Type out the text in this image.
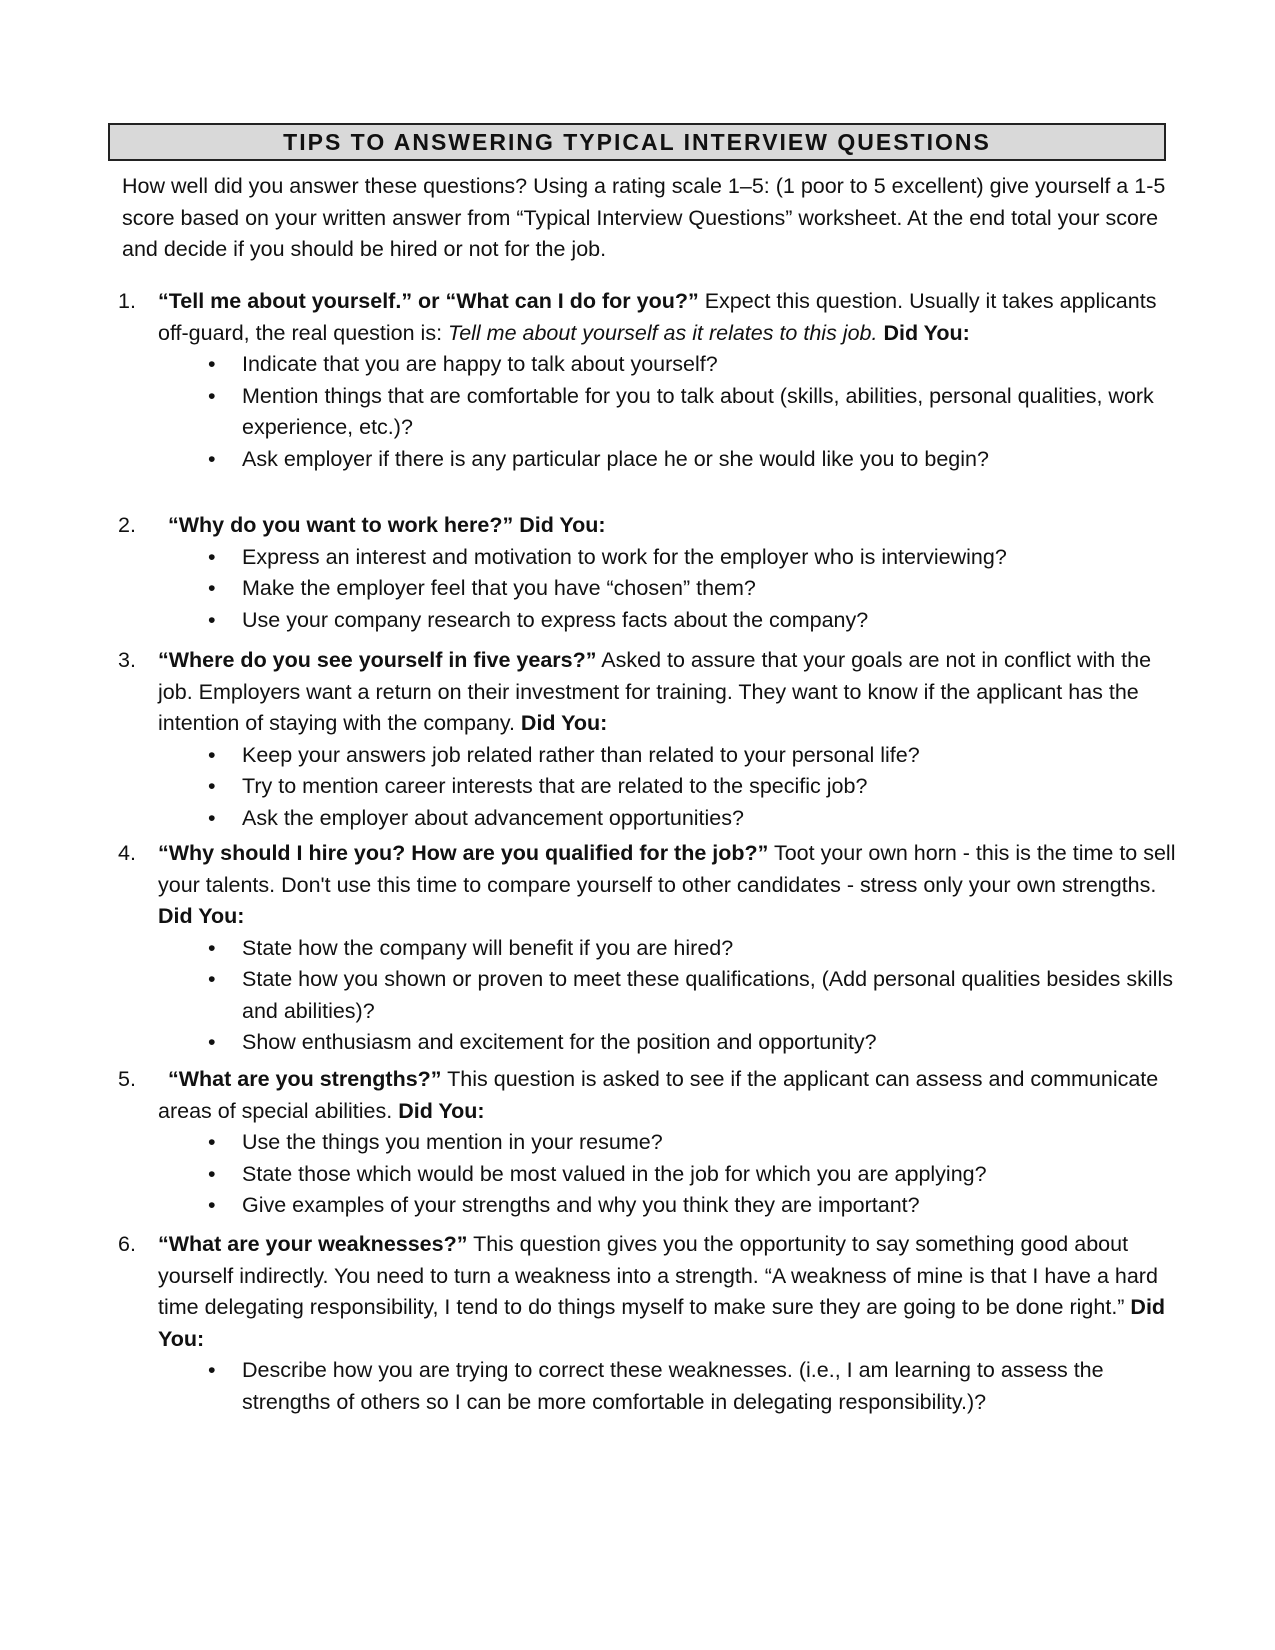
TIPS TO ANSWERING TYPICAL INTERVIEW QUESTIONS
How well did you answer these questions? Using a rating scale 1–5: (1 poor to 5 excellent) give yourself a 1-5 score based on your written answer from “Typical Interview Questions” worksheet. At the end total your score and decide if you should be hired or not for the job.
1. “Tell me about yourself.” or “What can I do for you?” Expect this question. Usually it takes applicants off-guard, the real question is: Tell me about yourself as it relates to this job. Did You:
• Indicate that you are happy to talk about yourself?
• Mention things that are comfortable for you to talk about (skills, abilities, personal qualities, work experience, etc.)?
• Ask employer if there is any particular place he or she would like you to begin?
2. “Why do you want to work here?” Did You:
• Express an interest and motivation to work for the employer who is interviewing?
• Make the employer feel that you have “chosen” them?
• Use your company research to express facts about the company?
3. “Where do you see yourself in five years?” Asked to assure that your goals are not in conflict with the job. Employers want a return on their investment for training. They want to know if the applicant has the intention of staying with the company. Did You:
• Keep your answers job related rather than related to your personal life?
• Try to mention career interests that are related to the specific job?
• Ask the employer about advancement opportunities?
4. “Why should I hire you? How are you qualified for the job?” Toot your own horn - this is the time to sell your talents. Don't use this time to compare yourself to other candidates - stress only your own strengths. Did You:
• State how the company will benefit if you are hired?
• State how you shown or proven to meet these qualifications, (Add personal qualities besides skills and abilities)?
• Show enthusiasm and excitement for the position and opportunity?
5.	“What are you strengths?” This question is asked to see if the applicant can assess and communicate areas of special abilities. Did You:
• Use the things you mention in your resume?
• State those which would be most valued in the job for which you are applying?
• Give examples of your strengths and why you think they are important?
6. “What are your weaknesses?” This question gives you the opportunity to say something good about yourself indirectly. You need to turn a weakness into a strength. “A weakness of mine is that I have a hard time delegating responsibility, I tend to do things myself to make sure they are going to be done right.” Did You:
• Describe how you are trying to correct these weaknesses. (i.e., I am learning to assess the strengths of others so I can be more comfortable in delegating responsibility.)?
